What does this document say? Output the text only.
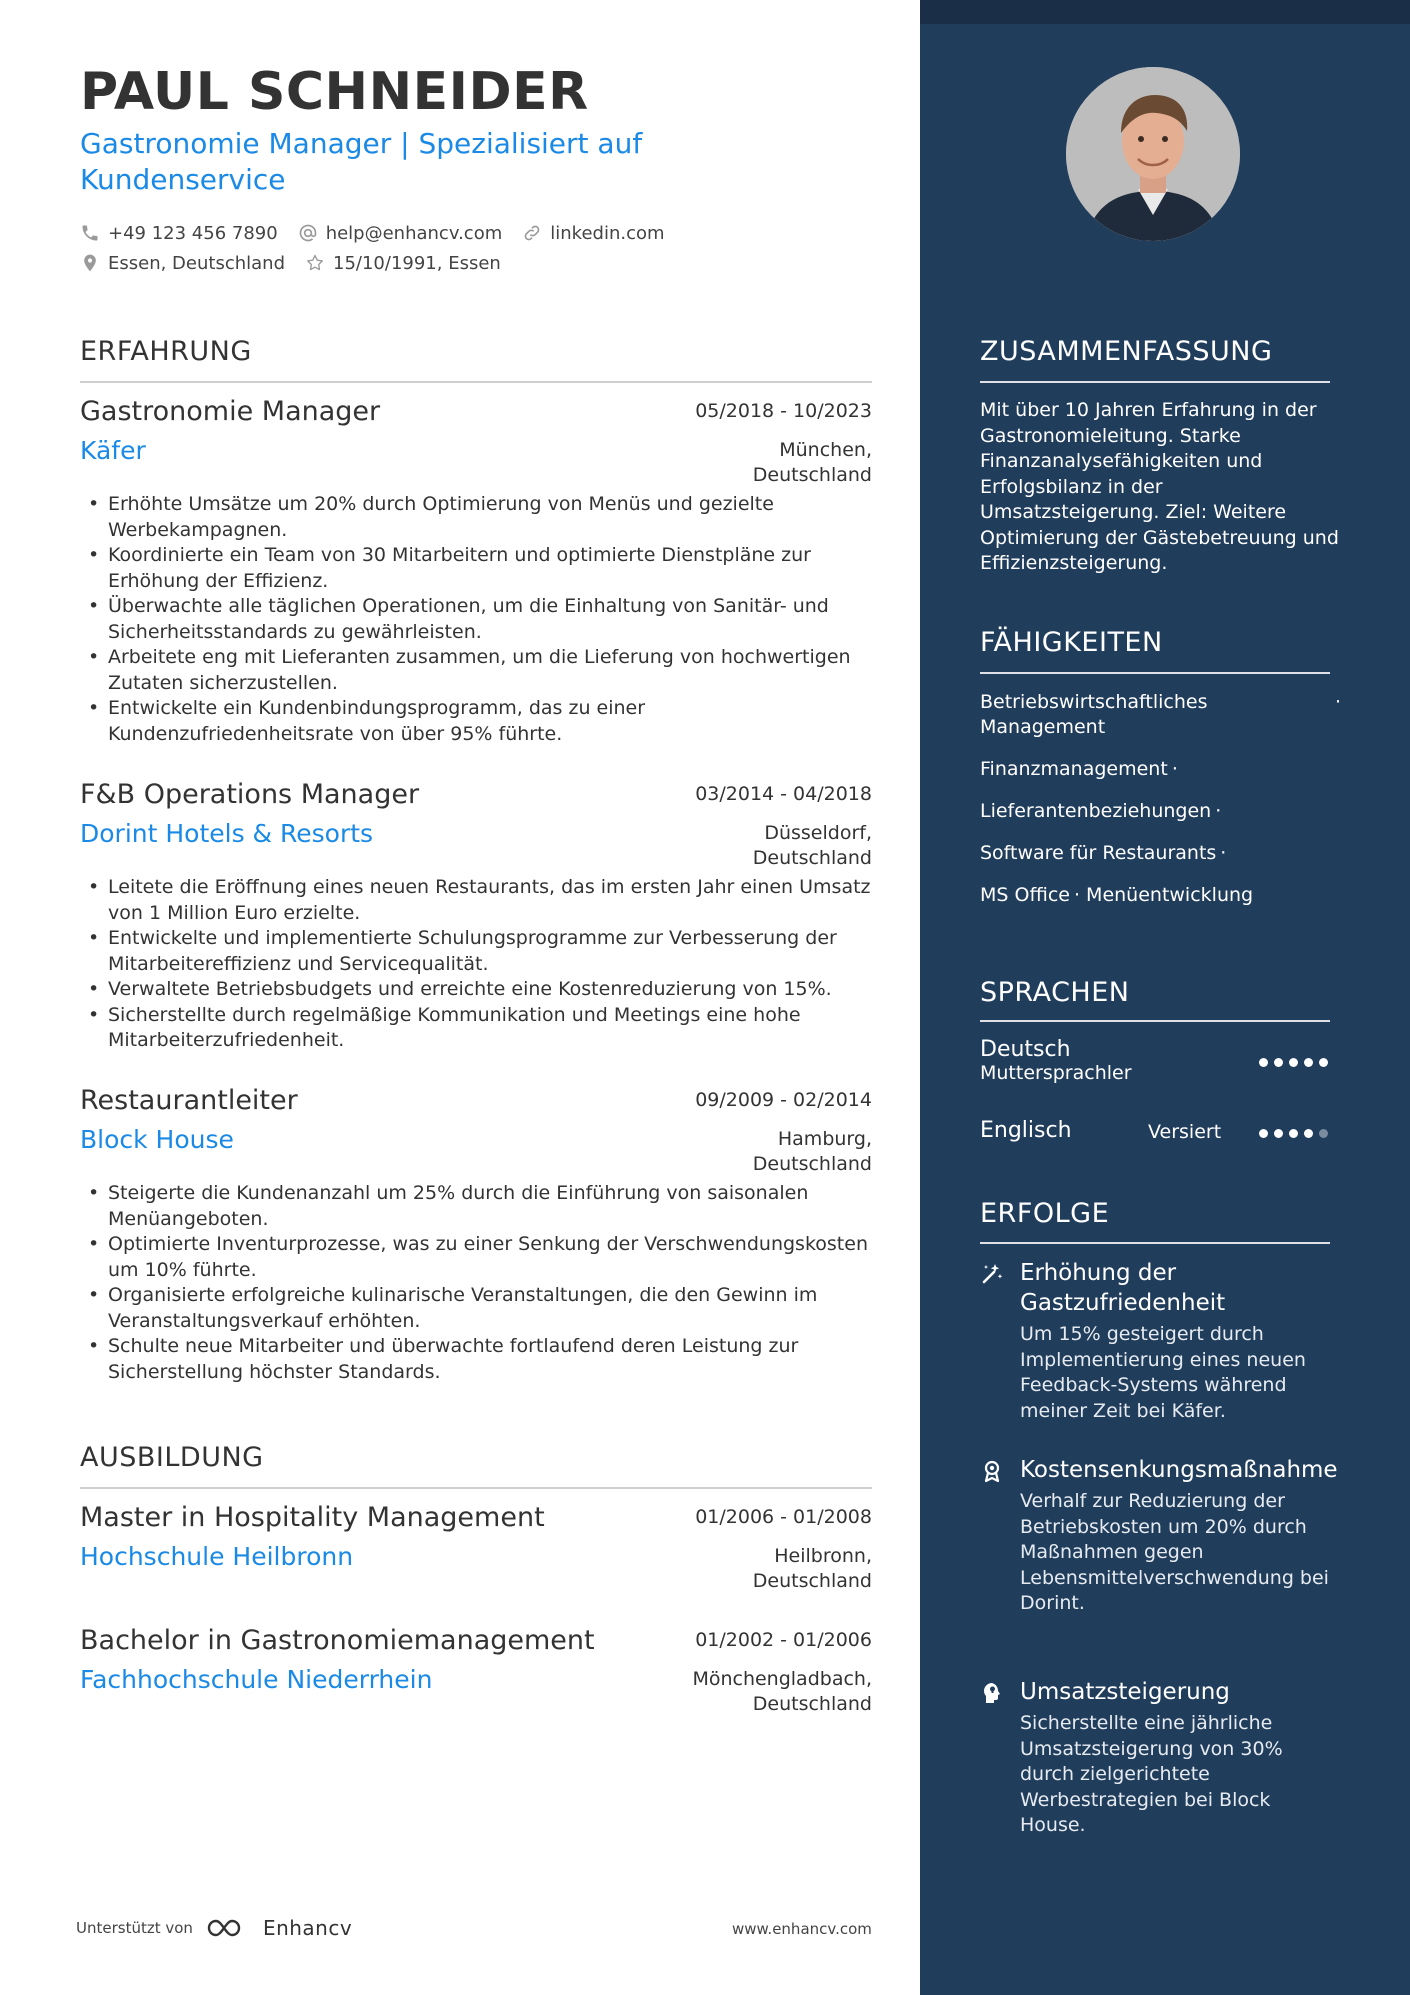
PAUL SCHNEIDER
Gastronomie Manager | Spezialisiert auf Kundenservice
+49 123 456 7890	help@enhancv.com	linkedin.com
Essen, Deutschland	15/10/1991, Essen
ERFAHRUNG
Gastronomie Manager	05/2018 - 10/2023
Käfer	München, Deutschland
• Erhöhte Umsätze um 20% durch Optimierung von Menüs und gezielte Werbekampagnen.
• Koordinierte ein Team von 30 Mitarbeitern und optimierte Dienstpläne zur Erhöhung der Effizienz.
• Überwachte alle täglichen Operationen, um die Einhaltung von Sanitär- und Sicherheitsstandards zu gewährleisten.
• Arbeitete eng mit Lieferanten zusammen, um die Lieferung von hochwertigen Zutaten sicherzustellen.
• Entwickelte ein Kundenbindungsprogramm, das zu einer Kundenzufriedenheitsrate von über 95% führte.
F&B Operations Manager	03/2014 - 04/2018
Dorint Hotels & Resorts	Düsseldorf, Deutschland
• Leitete die Eröffnung eines neuen Restaurants, das im ersten Jahr einen Umsatz von 1 Million Euro erzielte.
• Entwickelte und implementierte Schulungsprogramme zur Verbesserung der Mitarbeitereffizienz und Servicequalität.
• Verwaltete Betriebsbudgets und erreichte eine Kostenreduzierung von 15%.
• Sicherstellte durch regelmäßige Kommunikation und Meetings eine hohe Mitarbeiterzufriedenheit.
Restaurantleiter	09/2009 - 02/2014
Block House	Hamburg, Deutschland
• Steigerte die Kundenanzahl um 25% durch die Einführung von saisonalen Menüangeboten.
• Optimierte Inventurprozesse, was zu einer Senkung der Verschwendungskosten um 10% führte.
• Organisierte erfolgreiche kulinarische Veranstaltungen, die den Gewinn im Veranstaltungsverkauf erhöhten.
• Schulte neue Mitarbeiter und überwachte fortlaufend deren Leistung zur Sicherstellung höchster Standards.
AUSBILDUNG
Master in Hospitality Management	01/2006 - 01/2008
Hochschule Heilbronn	Heilbronn, Deutschland
Bachelor in Gastronomiemanagement	01/2002 - 01/2006
Fachhochschule Niederrhein	Mönchengladbach, Deutschland
Unterstützt von	Enhancv	www.enhancv.com
ZUSAMMENFASSUNG
Mit über 10 Jahren Erfahrung in der Gastronomieleitung. Starke Finanzanalysefähigkeiten und Erfolgsbilanz in der Umsatzsteigerung. Ziel: Weitere Optimierung der Gästebetreuung und Effizienzsteigerung.
FÄHIGKEITEN
Betriebswirtschaftliches Management
·
Finanzmanagement ·
Lieferantenbeziehungen ·
Software für Restaurants ·
MS Office · Menüentwicklung
SPRACHEN
Deutsch
Muttersprachler
Englisch	Versiert
ERFOLGE
Erhöhung der Gastzufriedenheit
Um 15% gesteigert durch Implementierung eines neuen Feedback-Systems während meiner Zeit bei Käfer.
Kostensenkungsmaßnahme
Verhalf zur Reduzierung der Betriebskosten um 20% durch Maßnahmen gegen Lebensmittelverschwendung bei Dorint.
Umsatzsteigerung
Sicherstellte eine jährliche Umsatzsteigerung von 30% durch zielgerichtete Werbestrategien bei Block House.
